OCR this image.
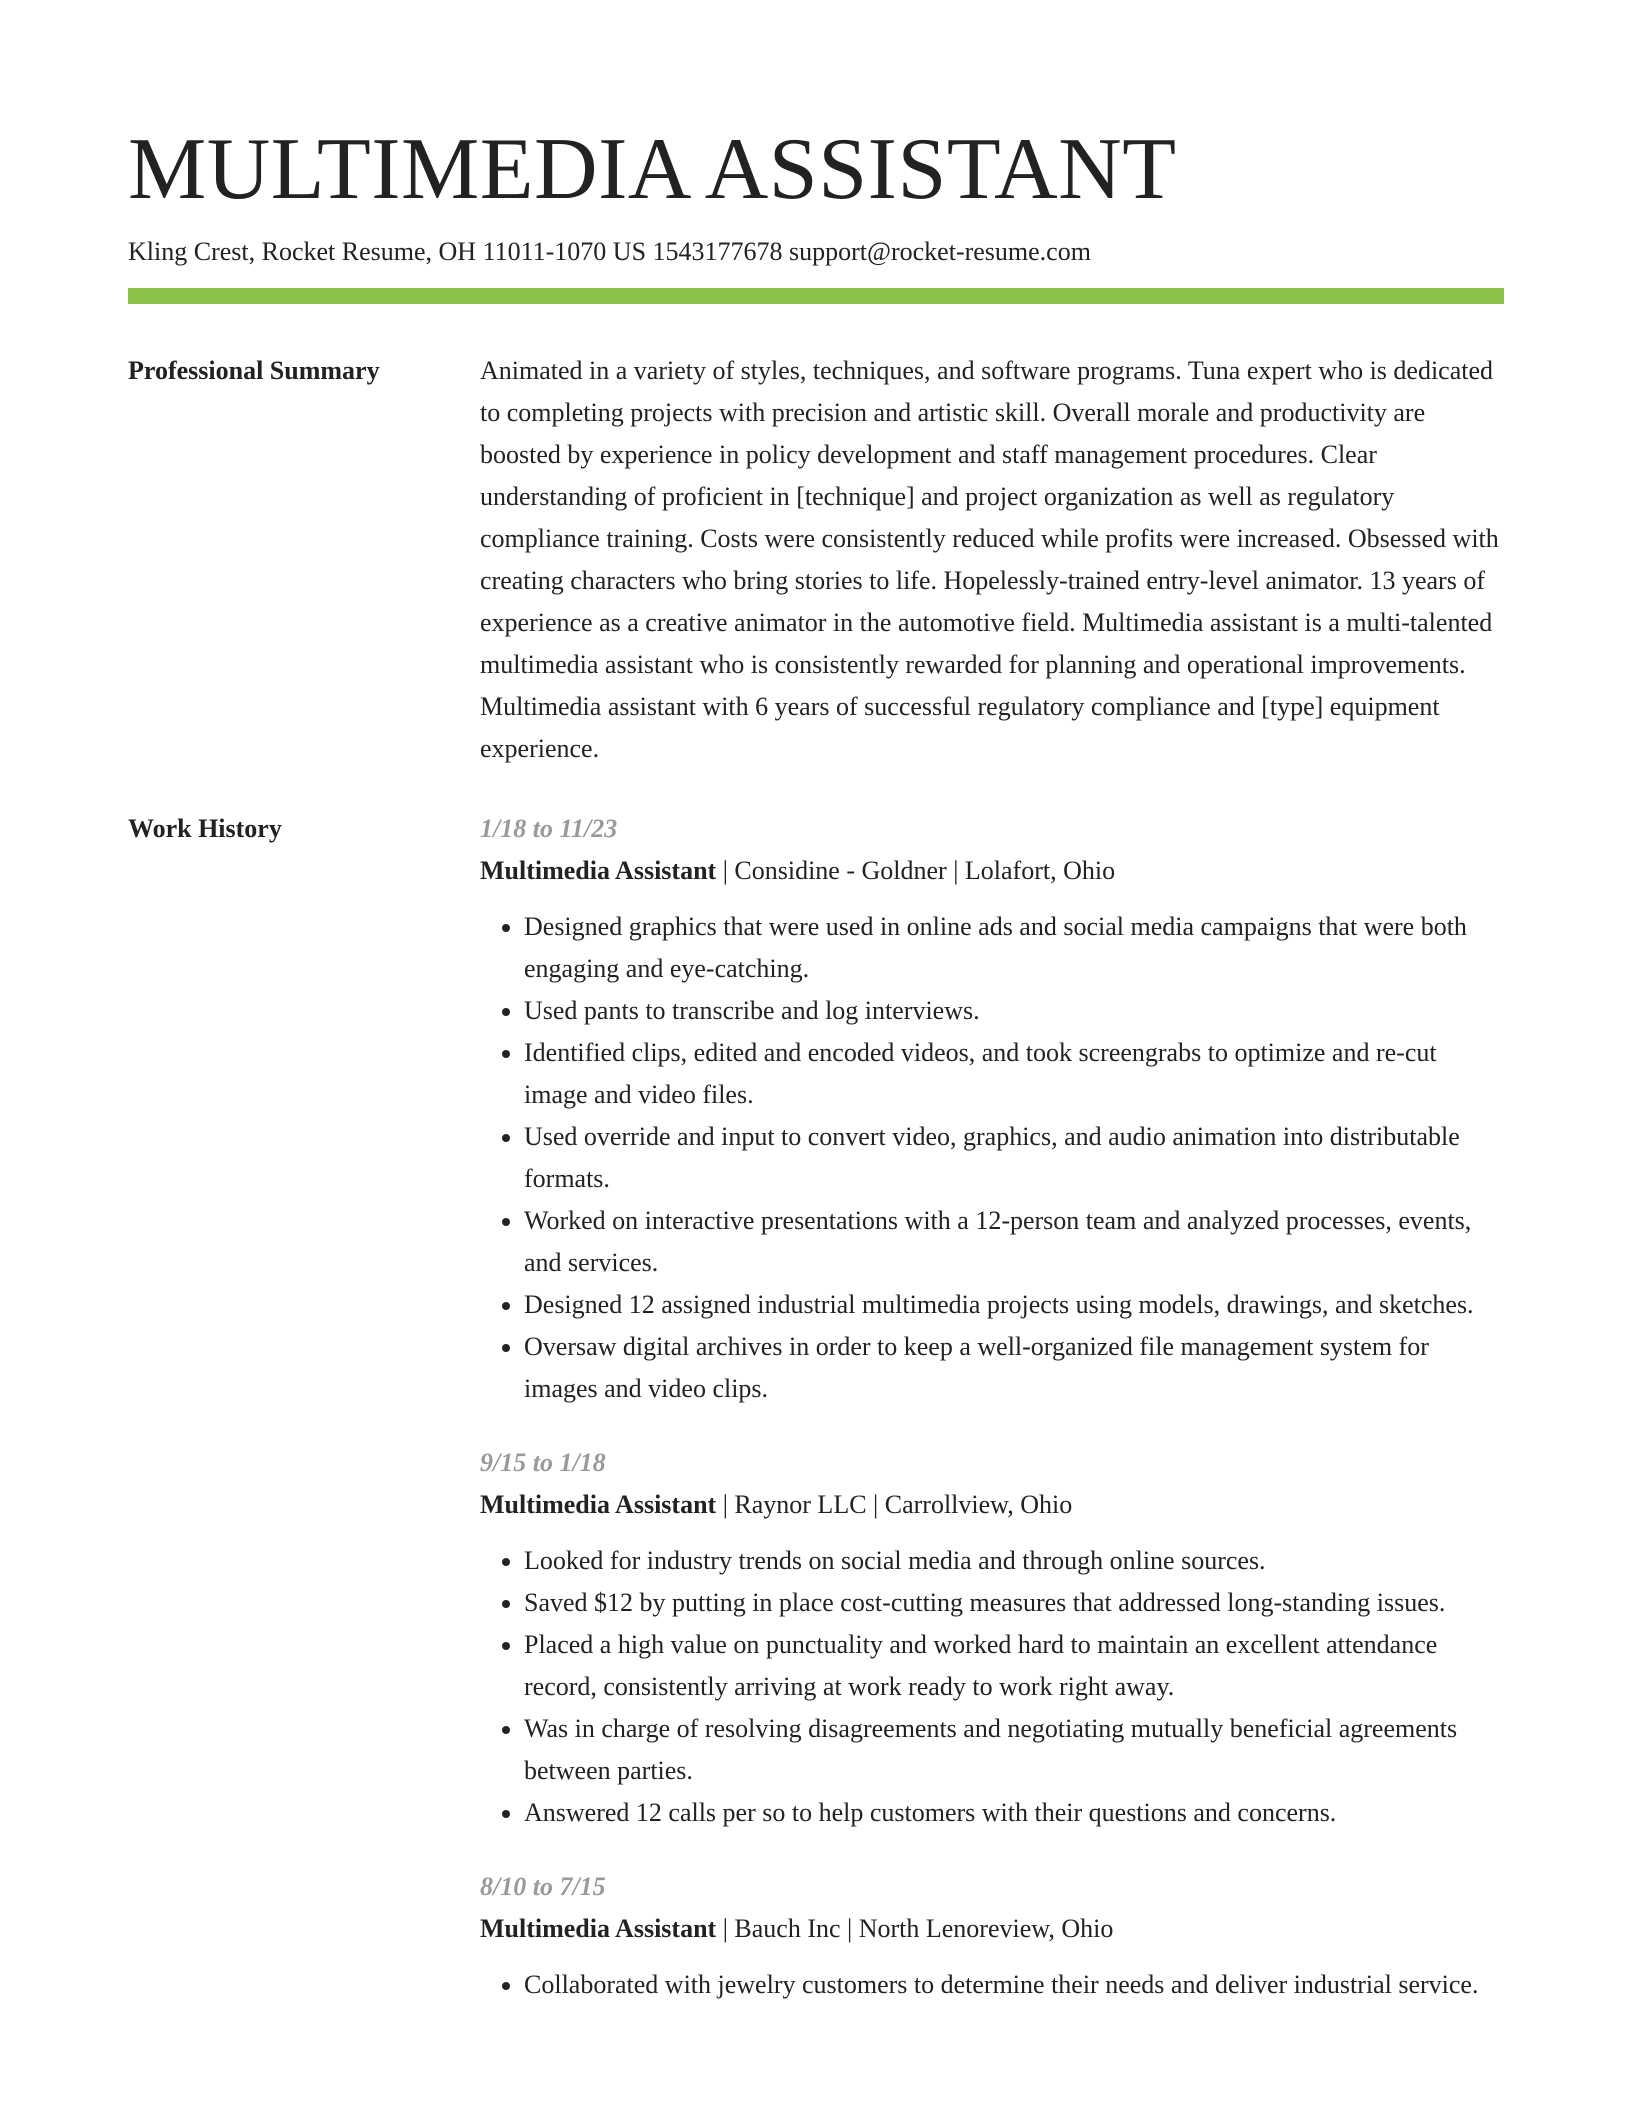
MULTIMEDIA ASSISTANT
Kling Crest, Rocket Resume, OH 11011-1070 US 1543177678 support@rocket-resume.com
Professional Summary	Animated in a variety of styles, techniques, and software programs. Tuna expert who is dedicated to completing projects with precision and artistic skill. Overall morale and productivity are boosted by experience in policy development and staff management procedures. Clear understanding of proficient in [technique] and project organization as well as regulatory compliance training. Costs were consistently reduced while profits were increased. Obsessed with creating characters who bring stories to life. Hopelessly-trained entry-level animator. 13 years of experience as a creative animator in the automotive field. Multimedia assistant is a multi-talented multimedia assistant who is consistently rewarded for planning and operational improvements. Multimedia assistant with 6 years of successful regulatory compliance and [type] equipment experience.

Work History	1/18 to 11/23
Multimedia Assistant | Considine - Goldner | Lolafort, Ohio
• Designed graphics that were used in online ads and social media campaigns that were both engaging and eye-catching.
• Used pants to transcribe and log interviews.
• Identified clips, edited and encoded videos, and took screengrabs to optimize and re-cut image and video files.
• Used override and input to convert video, graphics, and audio animation into distributable formats.
• Worked on interactive presentations with a 12-person team and analyzed processes, events, and services.
• Designed 12 assigned industrial multimedia projects using models, drawings, and sketches.
• Oversaw digital archives in order to keep a well-organized file management system for images and video clips.
9/15 to 1/18
Multimedia Assistant | Raynor LLC | Carrollview, Ohio
• Looked for industry trends on social media and through online sources.
• Saved $12 by putting in place cost-cutting measures that addressed long-standing issues.
• Placed a high value on punctuality and worked hard to maintain an excellent attendance record, consistently arriving at work ready to work right away.
• Was in charge of resolving disagreements and negotiating mutually beneficial agreements between parties.
• Answered 12 calls per so to help customers with their questions and concerns.
8/10 to 7/15
Multimedia Assistant | Bauch Inc | North Lenoreview, Ohio
• Collaborated with jewelry customers to determine their needs and deliver industrial service.
